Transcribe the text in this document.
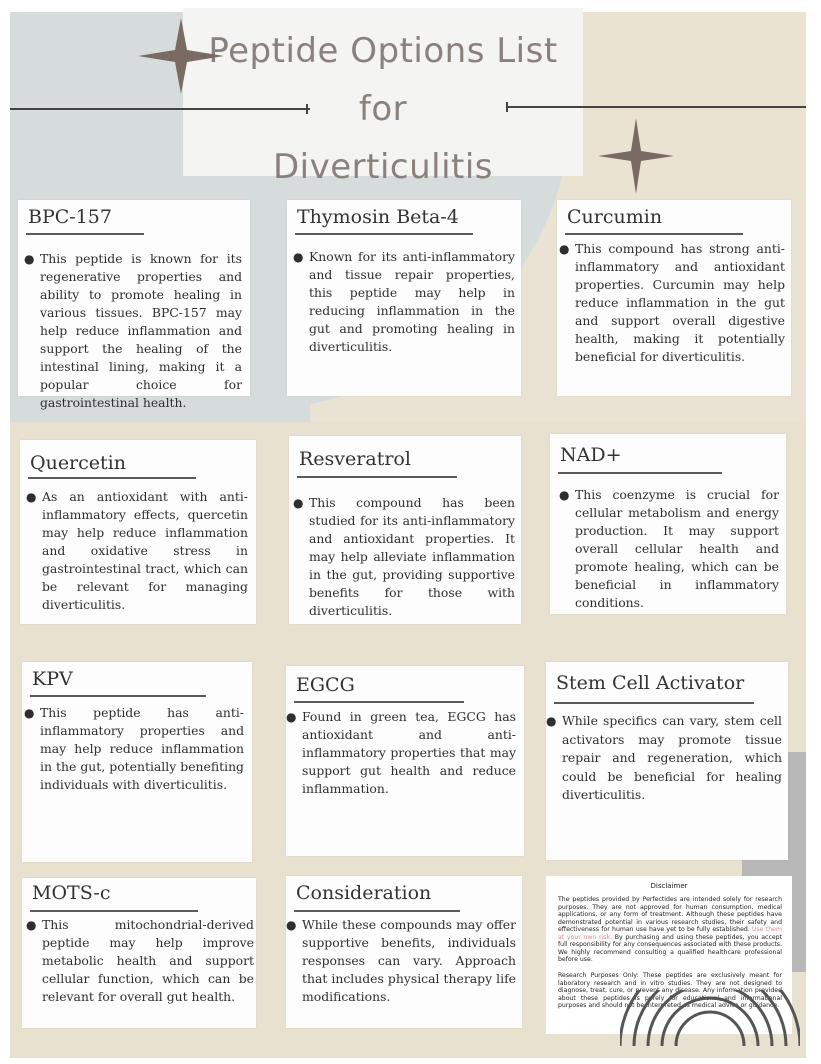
Peptide Options List
for
Diverticulitis
BPC-157
● This peptide is known for its regenerative properties and ability to promote healing in various tissues. BPC-157 may help reduce inflammation and support the healing of the intestinal lining, making it a popular choice for gastrointestinal health.
Thymosin Beta-4
● Known for its anti-inflammatory and tissue repair properties, this peptide may help in reducing inflammation in the gut and promoting healing in diverticulitis.
Curcumin
● This compound has strong anti-inflammatory and antioxidant properties. Curcumin may help reduce inflammation in the gut and support overall digestive health, making it potentially beneficial for diverticulitis.
Quercetin
● As an antioxidant with anti-inflammatory effects, quercetin may help reduce inflammation and oxidative stress in gastrointestinal tract, which can be relevant for managing diverticulitis.
Resveratrol
● This compound has been studied for its anti-inflammatory and antioxidant properties. It may help alleviate inflammation in the gut, providing supportive benefits for those with diverticulitis.
NAD+
● This coenzyme is crucial for cellular metabolism and energy production. It may support overall cellular health and promote healing, which can be beneficial in inflammatory conditions.
KPV
● This peptide has anti-inflammatory properties and may help reduce inflammation in the gut, potentially benefiting individuals with diverticulitis.
EGCG
● Found in green tea, EGCG has antioxidant and anti-inflammatory properties that may support gut health and reduce inflammation.
Stem Cell Activator
● While specifics can vary, stem cell activators may promote tissue repair and regeneration, which could be beneficial for healing diverticulitis.
MOTS-c
● This mitochondrial-derived peptide may help improve metabolic health and support cellular function, which can be relevant for overall gut health.
Consideration
● While these compounds may offer supportive benefits, individuals responses can vary. Approach that includes physical therapy life modifications.
Disclaimer
The peptides provided by Perfectides are intended solely for research purposes. They are not approved for human consumption, medical applications, or any form of treatment. Although these peptides have demonstrated potential in various research studies, their safety and effectiveness for human use have yet to be fully established. Use them at your own risk. By purchasing and using these peptides, you accept full responsibility for any consequences associated with these products. We highly recommend consulting a qualified healthcare professional before use.
Research Purposes Only: These peptides are exclusively meant for laboratory research and in vitro studies. They are not designed to diagnose, treat, cure, or prevent any disease. Any information provided about these peptides is purely for educational and informational purposes and should not be interpreted as medical advice or guidance.
